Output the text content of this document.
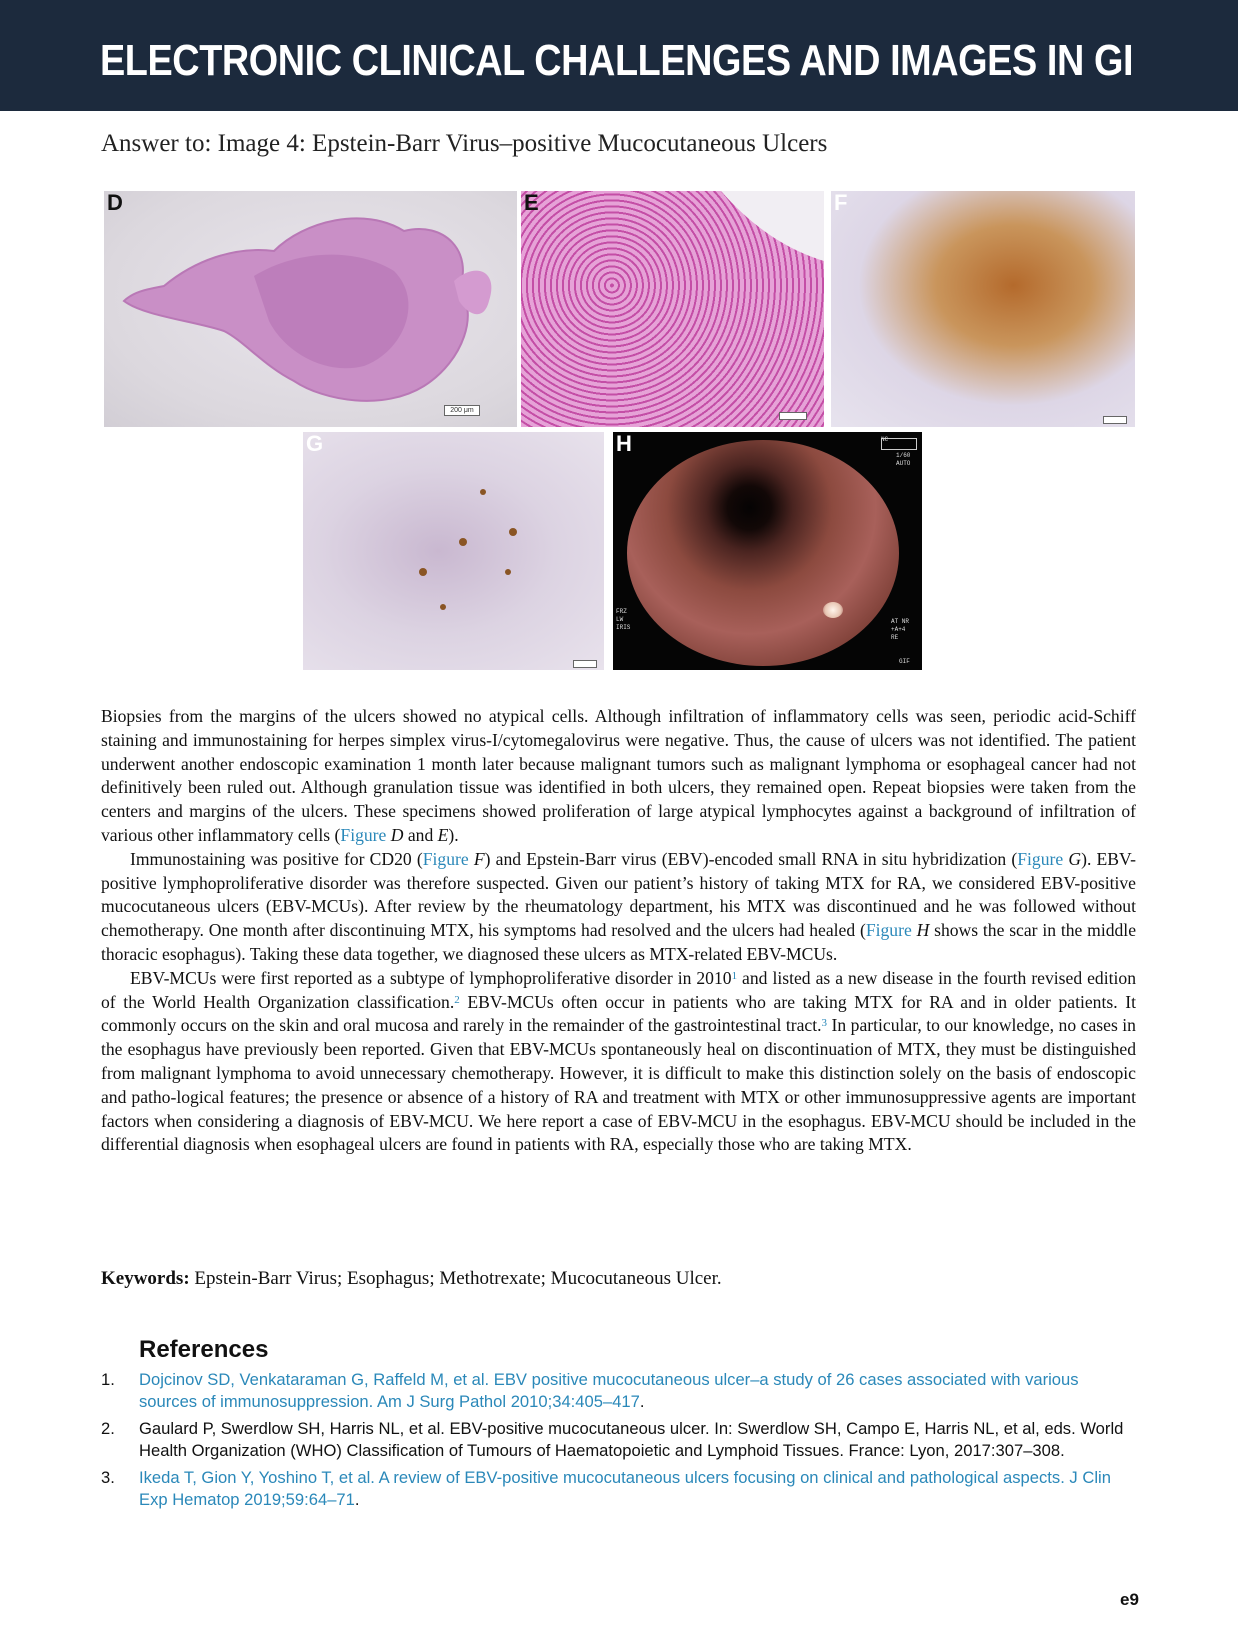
ELECTRONIC CLINICAL CHALLENGES AND IMAGES IN GI
Answer to: Image 4: Epstein-Barr Virus–positive Mucocutaneous Ulcers
D
200 μm
E	F
G	NC
1/60
AUTO
FRZ
LW
IRIS
AT NR
+A+4
RE
GIF
H

Biopsies from the margins of the ulcers showed no atypical cells. Although infiltration of inflammatory cells was seen, periodic acid-Schiff staining and immunostaining for herpes simplex virus-I/cytomegalovirus were negative. Thus, the cause of ulcers was not identified. The patient underwent another endoscopic examination 1 month later because malignant tumors such as malignant lymphoma or esophageal cancer had not definitively been ruled out. Although granulation tissue was identified in both ulcers, they remained open. Repeat biopsies were taken from the centers and margins of the ulcers. These specimens showed proliferation of large atypical lymphocytes against a background of infiltration of various other inflammatory cells (Figure D and E).

Immunostaining was positive for CD20 (Figure F) and Epstein-Barr virus (EBV)-encoded small RNA in situ hybridization (Figure G). EBV-positive lymphoproliferative disorder was therefore suspected. Given our patient’s history of taking MTX for RA, we considered EBV-positive mucocutaneous ulcers (EBV-MCUs). After review by the rheumatology department, his MTX was discontinued and he was followed without chemotherapy. One month after discontinuing MTX, his symptoms had resolved and the ulcers had healed (Figure H shows the scar in the middle thoracic esophagus). Taking these data together, we diagnosed these ulcers as MTX-related EBV-MCUs.

EBV-MCUs were first reported as a subtype of lymphoproliferative disorder in 2010$^1$ and listed as a new disease in the fourth revised edition of the World Health Organization classification.$^2$ EBV-MCUs often occur in patients who are taking MTX for RA and in older patients. It commonly occurs on the skin and oral mucosa and rarely in the remainder of the gastrointestinal tract.$^3$ In particular, to our knowledge, no cases in the esophagus have previously been reported. Given that EBV-MCUs spontaneously heal on discontinuation of MTX, they must be distinguished from malignant lymphoma to avoid unnecessary chemotherapy. However, it is difficult to make this distinction solely on the basis of endoscopic and patho-logical features; the presence or absence of a history of RA and treatment with MTX or other immunosuppressive agents are important factors when considering a diagnosis of EBV-MCU. We here report a case of EBV-MCU in the esophagus. EBV-MCU should be included in the differential diagnosis when esophageal ulcers are found in patients with RA, especially those who are taking MTX.

Keywords: Epstein-Barr Virus; Esophagus; Methotrexate; Mucocutaneous Ulcer.
References
1.	Dojcinov SD, Venkataraman G, Raffeld M, et al. EBV positive mucocutaneous ulcer–a study of 26 cases associated with various sources of immunosuppression. Am J Surg Pathol 2010;34:405–417.
2.	Gaulard P, Swerdlow SH, Harris NL, et al. EBV-positive mucocutaneous ulcer. In: Swerdlow SH, Campo E, Harris NL, et al, eds. World Health Organization (WHO) Classification of Tumours of Haematopoietic and Lymphoid Tissues. France: Lyon, 2017:307–308.
3.	Ikeda T, Gion Y, Yoshino T, et al. A review of EBV-positive mucocutaneous ulcers focusing on clinical and pathological aspects. J Clin Exp Hematop 2019;59:64–71.
e9
